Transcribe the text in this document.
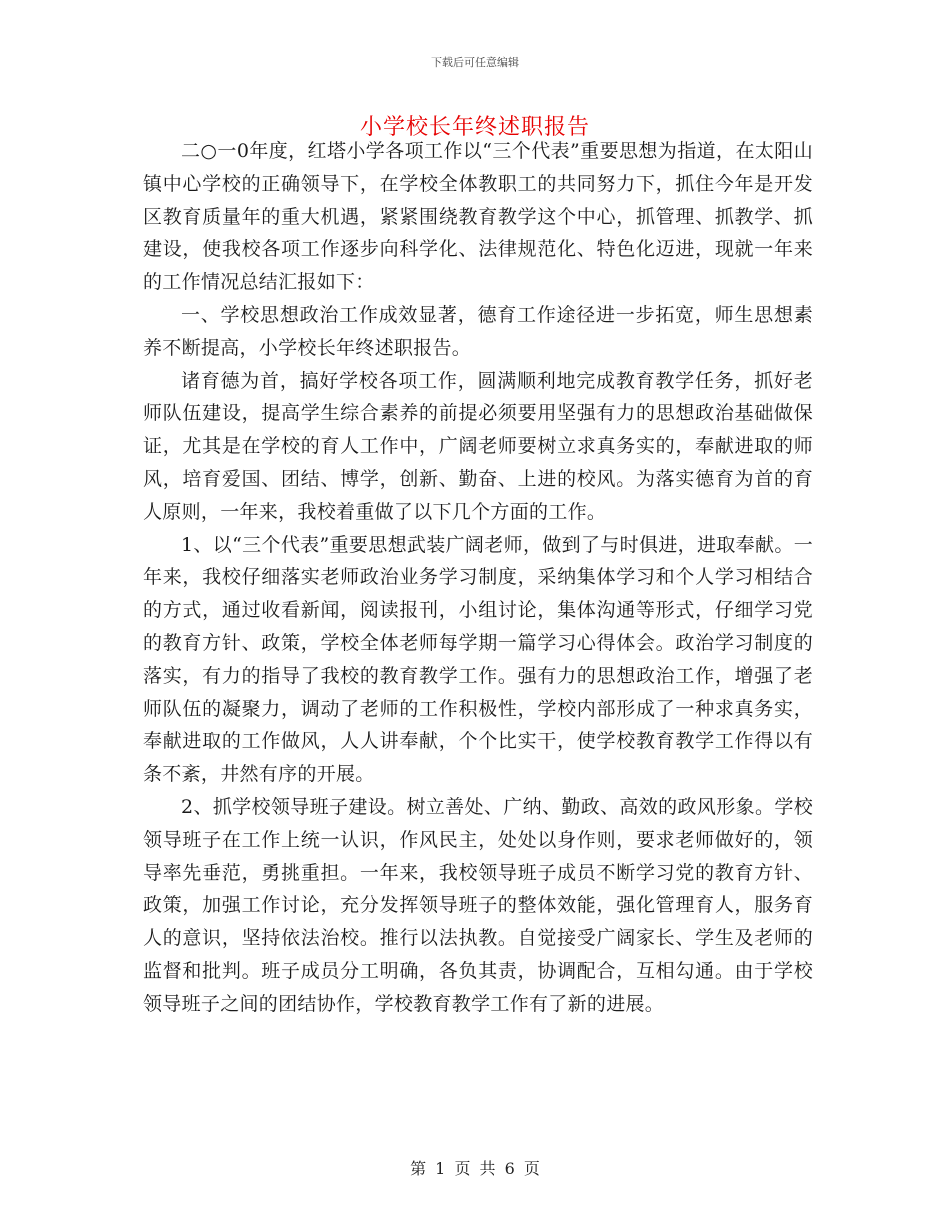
下载后可任意编辑
小学校长年终述职报告

二○一0年度，红塔小学各项工作以“三个代表”重要思想为指道，在太阳山镇中心学校的正确领导下，在学校全体教职工的共同努力下，抓住今年是开发区教育质量年的重大机遇，紧紧围绕教育教学这个中心，抓管理、抓教学、抓建设，使我校各项工作逐步向科学化、法律规范化、特色化迈进，现就一年来的工作情况总结汇报如下：

一、学校思想政治工作成效显著，德育工作途径进一步拓宽，师生思想素养不断提高，小学校长年终述职报告。

诸育德为首，搞好学校各项工作，圆满顺利地完成教育教学任务，抓好老师队伍建设，提高学生综合素养的前提必须要用坚强有力的思想政治基础做保证，尤其是在学校的育人工作中，广阔老师要树立求真务实的，奉献进取的师风，培育爱国、团结、博学，创新、勤奋、上进的校风。为落实德育为首的育人原则，一年来，我校着重做了以下几个方面的工作。

1、以“三个代表”重要思想武装广阔老师，做到了与时俱进，进取奉献。一年来，我校仔细落实老师政治业务学习制度，采纳集体学习和个人学习相结合的方式，通过收看新闻，阅读报刊，小组讨论，集体沟通等形式，仔细学习党的教育方针、政策，学校全体老师每学期一篇学习心得体会。政治学习制度的落实，有力的指导了我校的教育教学工作。强有力的思想政治工作，增强了老师队伍的凝聚力，调动了老师的工作积极性，学校内部形成了一种求真务实，奉献进取的工作做风，人人讲奉献，个个比实干，使学校教育教学工作得以有条不紊，井然有序的开展。

2、抓学校领导班子建设。树立善处、广纳、勤政、高效的政风形象。学校领导班子在工作上统一认识，作风民主，处处以身作则，要求老师做好的，领导率先垂范，勇挑重担。一年来，我校领导班子成员不断学习党的教育方针、政策，加强工作讨论，充分发挥领导班子的整体效能，强化管理育人，服务育人的意识，坚持依法治校。推行以法执教。自觉接受广阔家长、学生及老师的监督和批判。班子成员分工明确，各负其责，协调配合，互相勾通。由于学校领导班子之间的团结协作，学校教育教学工作有了新的进展。

第 1 页 共 6 页
